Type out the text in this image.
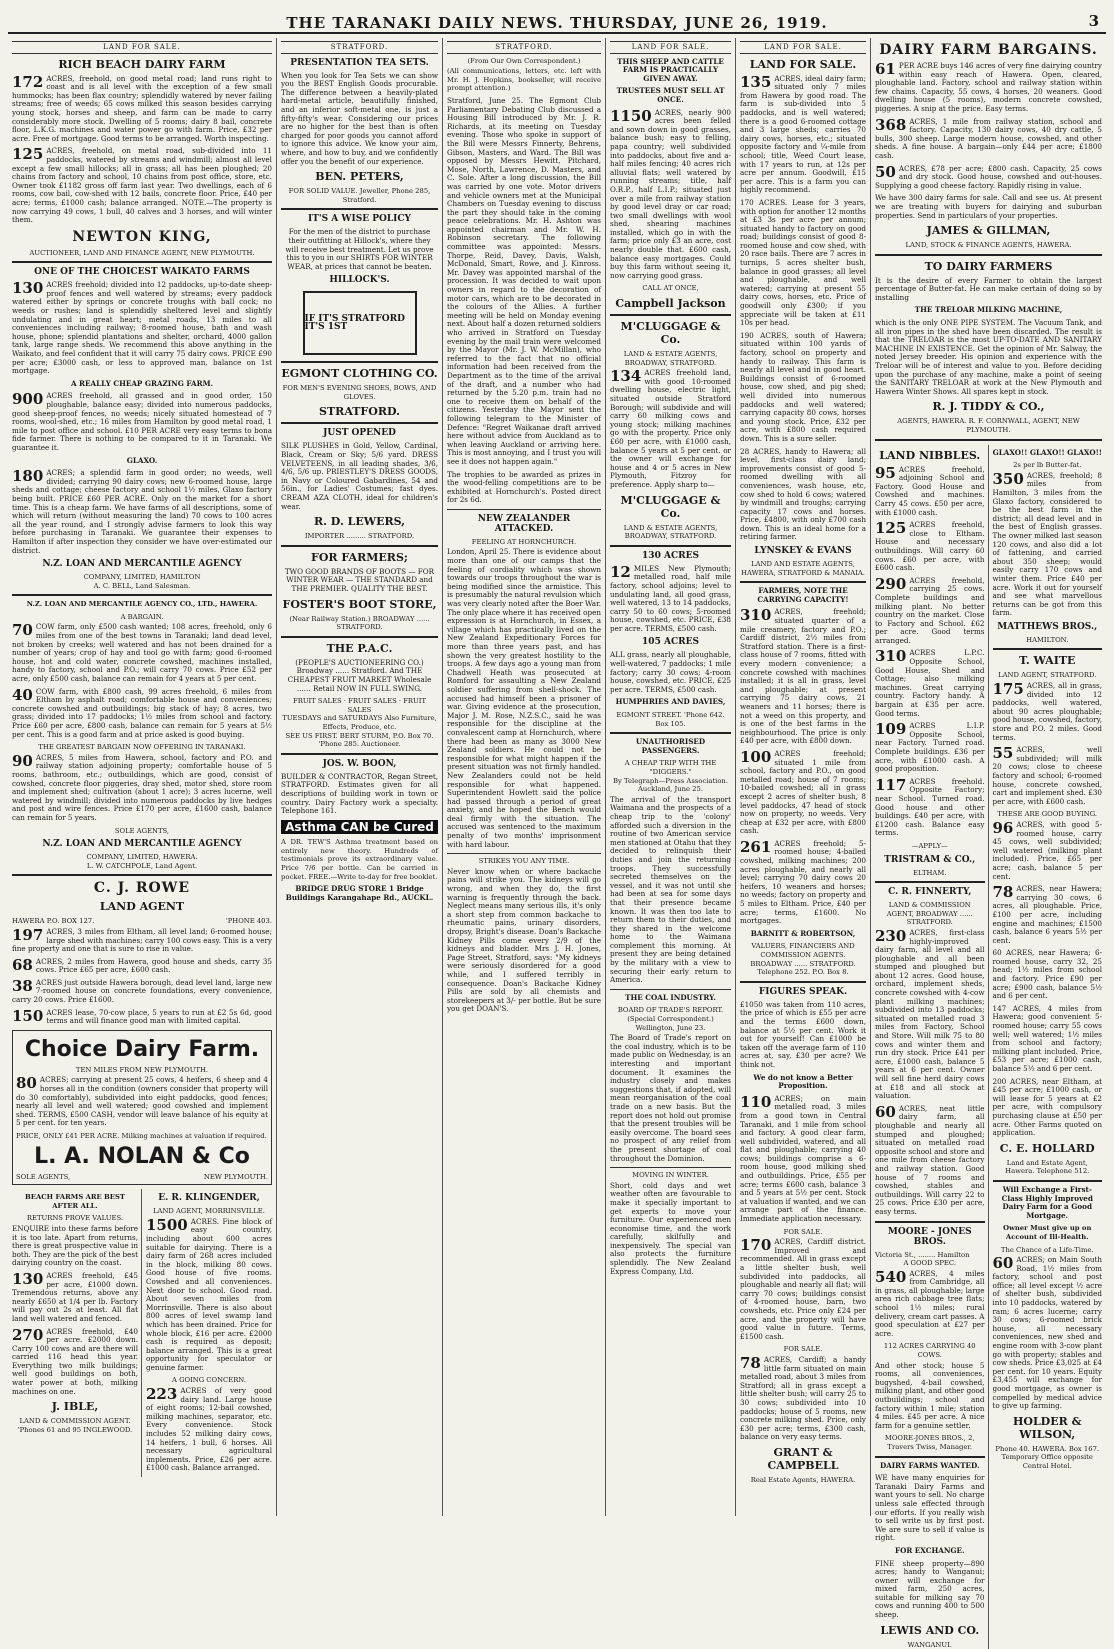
THE TARANAKI DAILY NEWS. THURSDAY, JUNE 26, 1919.	3
LAND FOR SALE.
RICH BEACH DAIRY FARM
172 ACRES, freehold, on good metal road; land runs right to coast and is all level with the exception of a few small hummocks; has been flax country; splendidly watered by never failing streams; free of weeds; 65 cows milked this season besides carrying young stock, horses and sheep, and farm can be made to carry considerably more stock. Dwelling of 5 rooms; dairy 8 bail, concrete floor, L.K.G. machines and water power go with farm. Price, £32 per acre. Free of mortgage. Good terms to be arranged. Worth inspecting.
125 ACRES, freehold, on metal road, sub-divided into 11 paddocks, watered by streams and windmill; almost all level except a few small hillocks; all in grass; all has been ploughed; 20 chains from factory and school, 10 chains from post office, store, etc. Owner took £1182 gross off farm last year. Two dwellings, each of 6 rooms, cow bail, cow-shed with 12 bails, concrete floor. Price, £40 per acre; terms, £1000 cash; balance arranged. NOTE.—The property is now carrying 49 cows, 1 bull, 40 calves and 3 horses, and will winter them.
NEWTON KING,
AUCTIONEER, LAND AND FINANCE AGENT, NEW PLYMOUTH.
ONE OF THE CHOICEST WAIKATO FARMS
130 ACRES freehold; divided into 12 paddocks, up-to-date sheep-proof fences and well watered by streams; every paddock watered either by springs or concrete troughs with ball cock; no weeds or rushes; land is splendidly sheltered level and slightly undulating and in great heart; metal roads, 13 miles to all conveniences including railway; 8-roomed house, bath and wash house, phone; splendid plantations and shelter, orchard, 4000 gallon tank, large range sheds. We recommend this above anything in the Waikato, and feel confident that it will carry 75 dairy cows. PRICE £90 per acre; £3000 cash, or less to approved man, balance on 1st mortgage.
A REALLY CHEAP GRAZING FARM.
900 ACRES freehold, all grassed and in good order, 150 ploughable, balance easy; divided into numerous paddocks, good sheep-proof fences, no weeds; nicely situated homestead of 7 rooms, wool-shed, etc.; 16 miles from Hamilton by good metal road, 1 mile to post office and school. £10 PER ACRE very easy terms to bona fide farmer. There is nothing to be compared to it in Taranaki. We guarantee it.
GLAXO.
180 ACRES; a splendid farm in good order; no weeds, well divided; carrying 90 dairy cows; new 6-roomed house, large sheds and cottage; cheese factory and school 1½ miles, Glaxo factory being built. PRICE £60 PER ACRE. Only on the market for a short time. This is a cheap farm. We have farms of all descriptions, some of which will return (without measuring the land) 70 cows to 100 acres all the year round, and I strongly advise farmers to look this way before purchasing in Taranaki. We guarantee their expenses to Hamilton if after inspection they consider we have over-estimated our district.
N.Z. LOAN AND MERCANTILE AGENCY
COMPANY, LIMITED, HAMILTON
A. C. BELL, Land Salesman.
N.Z. LOAN AND MERCANTILE AGENCY CO., LTD., HAWERA.
A BARGAIN.
70 COW farm, only £500 cash wanted; 108 acres, freehold, only 6 miles from one of the best towns in Taranaki; land dead level, not broken by creeks; well watered and has not been drained for a number of years; crop of hay and tool go with farm; good 6-roomed house, hot and cold water, concrete cowshed, machines installed, handy to factory, school and P.O.; will carry 70 cows. Price £52 per acre, only £500 cash, balance can remain for 4 years at 5 per cent.
40 COW farm, with £800 cash, 99 acres freehold, 6 miles from Eltham by asphalt road; comfortable house and conveniences; concrete cowshed and outbuildings; big stack of hay; 8 acres, two grass; divided into 17 paddocks; 1½ miles from school and factory. Price £60 per acre, £800 cash, balance can remain for 5 years at 5½ per cent. This is a good farm and at price asked is good buying.
THE GREATEST BARGAIN NOW OFFERING IN TARANAKI.
90 ACRES, 5 miles from Hawera, school, factory and P.O. and railway station adjoining property; comfortable house of 5 rooms, bathroom, etc.; outbuildings, which are good, consist of cowshed, concrete floor piggeries, dray shed, motor shed, store room and implement shed; cultivation (about 1 acre); 3 acres lucerne, well watered by windmill; divided into numerous paddocks by live hedges and post and wire fences. Price £170 per acre, £1600 cash, balance can remain for 5 years.
SOLE AGENTS,
N.Z. LOAN AND MERCANTILE AGENCY
COMPANY, LIMITED, HAWERA.
L. W. CATCHPOLE, Land Agent.
C. J. ROWE
LAND AGENT
HAWERA P.O. BOX 127.	'PHONE 403.
197 ACRES, 3 miles from Eltham, all level land; 6-roomed house; large shed with machines; carry 100 cows easy. This is a very fine property and one that is sure to rise in value.
68 ACRES, 2 miles from Hawera, good house and sheds, carry 35 cows. Price £65 per acre, £600 cash.
38 ACRES just outside Hawera borough, dead level land, large new 7-roomed house on concrete foundations, every convenience, carry 20 cows. Price £1600.
150 ACRES lease, 70-cow place, 5 years to run at £2 5s 6d, good terms and will finance good man with limited capital.
Choice Dairy Farm.
TEN MILES FROM NEW PLYMOUTH.
80 ACRES; carrying at present 25 cows, 4 heifers, 6 sheep and 4 horses all in the condition (owners consider that property will do 30 comfortably), subdivided into eight paddocks, good fences; nearly all level and well watered; good cowshed and implement shed. TERMS, £500 CASH, vendor will leave balance of his equity at 5 per cent. for ten years.
PRICE, ONLY £41 PER ACRE. Milking machines at valuation if required.
L. A. NOLAN & Co
SOLE AGENTS,	NEW PLYMOUTH.
BEACH FARMS ARE BEST AFTER ALL.
RETURNS PROVE VALUES.
ENQUIRE into these farms before it is too late. Apart from returns, there is great prospective value in both. They are the pick of the best dairying country on the coast.
130 ACRES freehold, £45 per acre, £1000 down. Tremendous returns, above any nearly £650 at 1/4 per lb. Factory will pay out 2s at least. All flat land well watered and fenced.
270 ACRES freehold, £40 per acre. £2000 down. Carry 100 cows and are there will carried 116 head this year. Everything two milk buildings; well good buildings on both, water power at both, milking machines on one.
J. IBLE,
LAND & COMMISSION AGENT. 'Phones 61 and 95 INGLEWOOD.
E. R. KLINGENDER,
LAND AGENT, MORRINSVILLE.
1500 ACRES. Fine block of easy country, including about 600 acres suitable for dairying. There is a dairy farm of 268 acres included in the block, milking 80 cows. Good house of five rooms. Cowshed and all conveniences. Next door to school. Good road. About seven miles from Morrinsville. There is also about 800 acres of level swamp land which has been drained. Price for whole block, £16 per acre. £2000 cash is required as deposit; balance arranged. This is a great opportunity for speculator or genuine farmer.
A GOING CONCERN.
223 ACRES of very good dairy land. Large house of eight rooms; 12-bail cowshed, milking machines, separator, etc. Every convenience. Stock includes 52 milking dairy cows, 14 heifers, 1 bull, 6 horses. All necessary agricultural implements. Price, £26 per acre. £1000 cash. Balance arranged.
STRATFORD.
PRESENTATION TEA SETS.
When you look for Tea Sets we can show you the BEST English Goods procurable. The difference between a heavily-plated hard-metal article, beautifully finished, and an inferior soft-metal one, is just a fifty-fifty's wear. Considering our prices are no higher for the best than is often charged for poor goods you cannot afford to ignore this advice. We know your aim, where, and how to buy, and we confidently offer you the benefit of our experience.
BEN. PETERS,
FOR SOLID VALUE. Jeweller, Phone 285, Stratford.
IT'S A WISE POLICY
For the men of the district to purchase their outfitting at Hillock's, where they will receive best treatment. Let us prove this to you in our SHIRTS FOR WINTER WEAR, at prices that cannot be beaten.
HILLOCK'S.
IF IT'S STRATFORD IT'S 1ST
EGMONT CLOTHING CO.
FOR MEN'S EVENING SHOES, BOWS, AND GLOVES.
STRATFORD.
JUST OPENED
SILK PLUSHES in Gold, Yellow, Cardinal, Black, Cream or Sky; 5/6 yard. DRESS VELVETEENS, in all leading shades, 3/6, 4/6, 5/6 up. PRIESTLEY'S DRESS GOODS, in Navy or Coloured Gabardines, 54 and 56in., for Ladies' Costumes; fast dyes. CREAM AZA CLOTH, ideal for children's wear.
R. D. LEWERS,
IMPORTER ......... STRATFORD.
FOR FARMERS;
TWO GOOD BRANDS OF BOOTS — FOR WINTER WEAR — THE STANDARD and THE PREMIER. QUALITY THE BEST.
FOSTER'S BOOT STORE,
(Near Railway Station.) BROADWAY ...... STRATFORD.
THE P.A.C.
(PEOPLE'S AUCTIONEERING CO.) Broadway ...... Stratford. And THE CHEAPEST FRUIT MARKET Wholesale ...... Retail NOW IN FULL SWING.
FRUIT SALES · FRUIT SALES · FRUIT SALES
TUESDAYS and SATURDAYS Also Furniture, Effects, Produce, etc.
SEE US FIRST. BERT STURM, P.O. Box 70. 'Phone 285. Auctioneer.
JOS. W. BOON,
BUILDER & CONTRACTOR, Regan Street, STRATFORD. Estimates given for all descriptions of building work in town or country. Dairy Factory work a specialty. Telephone 161.
Asthma CAN be Cured
A DR. TEW'S Asthma treatment based on entirely new theory. Hundreds of testimonials prove its extraordinary value. Price 7/6 per bottle. Can be carried in pocket. FREE.—Write to-day for free booklet.
BRIDGE DRUG STORE 1 Bridge Buildings Karangahape Rd., AUCKL.
STRATFORD.
(From Our Own Correspondent.)
(All communications, letters, etc. left with Mr. H. J. Hopkins, bookseller, will receive prompt attention.)
Stratford, June 25. The Egmont Club Parliamentary Debating Club discussed a Housing Bill introduced by Mr. J. R. Richards, at its meeting on Tuesday evening. Those who spoke in support of the Bill were Messrs Finnerty, Behrens, Gibson, Masters, and Ward. The Bill was opposed by Messrs Hewitt, Pitchard, Mose, North, Lawrence, D. Masters, and C. Sole. After a long discussion, the Bill was carried by one vote. Motor drivers and vehicle owners met at the Municipal Chambers on Tuesday evening to discuss the part they should take in the coming peace celebrations. Mr. H. Ashton was appointed chairman and Mr. W. H. Robinson secretary. The following committee was appointed: Messrs. Thorpe, Reid, Davey, Davis, Walsh, McDonald, Smart, Rowe, and J. Kinross. Mr. Davey was appointed marshal of the procession. It was decided to wait upon owners in regard to the decoration of motor cars, which are to be decorated in the colours of the Allies. A further meeting will be held on Monday evening next. About half a dozen returned soldiers who arrived in Stratford on Tuesday evening by the mail train were welcomed by the Mayor (Mr. J. W. McMillan), who referred to the fact that no official information had been received from the Department as to the time of the arrival of the draft, and a number who had returned by the 5.20 p.m. train had no one to receive them on behalf of the citizens. Yesterday the Mayor sent the following telegram to the Minister of Defence: "Regret Waikanae draft arrived here without advice from Auckland as to when leaving Auckland or arriving here. This is most annoying, and I trust you will see it does not happen again."
The trophies to be awarded as prizes in the wood-felling competitions are to be exhibited at Hornchurch's. Posted direct for 2s 6d.
NEW ZEALANDER ATTACKED.
FEELING AT HORNCHURCH.
London, April 25. There is evidence about more than one of our camps that the feeling of cordiality which was shown towards our troops throughout the war is being modified since the armistice. This is presumably the natural revulsion which was very clearly noted after the Boer War. The only place where it has received open expression is at Hornchurch, in Essex, a village which has practically lived on the New Zealand Expeditionary Forces for more than three years past, and has shown the very greatest hostility to the troops. A few days ago a young man from Chadwell Heath was prosecuted at Romford for assaulting a New Zealand soldier suffering from shell-shock. The accused had himself been a prisoner of war. Giving evidence at the prosecution, Major J. M. Rose, N.Z.S.C., said he was responsible for the discipline at the convalescent camp at Hornchurch, where there had been as many as 3000 New Zealand soldiers. He could not be responsible for what might happen if the present situation was not firmly handled. New Zealanders could not be held responsible for what happened. Superintendent Howlett said the police had passed through a period of great anxiety, and he hoped the Bench would deal firmly with the situation. The accused was sentenced to the maximum penalty of two months' imprisonment with hard labour.
STRIKES YOU ANY TIME.
Never know when or where backache pains will strike you. The kidneys will go wrong, and when they do, the first warning is frequently through the back. Neglect means many serious ills, it's only a short step from common backache to rheumatic pains, urinary disorders, dropsy, Bright's disease. Doan's Backache Kidney Pills come every 2/9 of the kidneys and bladder. Mrs J. H. Jones, Page Street, Stratford, says: "My kidneys were seriously disordered for a good while, and I suffered terribly in consequence. Doan's Backache Kidney Pills are sold by all chemists and storekeepers at 3/- per bottle. But be sure you get DOAN'S.
LAND FOR SALE.
THIS SHEEP AND CATTLE FARM IS PRACTICALLY GIVEN AWAY.
TRUSTEES MUST SELL AT ONCE.
1150 ACRES, nearly 900 acres been felled and sown down in good grasses, balance bush; easy to felling, papa country; well subdivided into paddocks, about five and a-half miles fencing; 40 acres rich alluvial flats; well watered by running streams; title, half O.R.P., half L.I.P.; situated just over a mile from railway station by good level dray or car road; two small dwellings with wool shed, shearing machines installed, which go in with the farm; price only £3 an acre, cost nearly double that. £600 cash, balance easy mortgages. Could buy this farm without seeing it, now carrying good grass.
CALL AT ONCE,
Campbell Jackson
M'CLUGGAGE & Co.
LAND & ESTATE AGENTS, BROADWAY, STRATFORD.
134 ACRES freehold land, with good 10-roomed dwelling house, electric light, situated outside Stratford Borough; will subdivide and will carry 60 milking cows and young stock; milking machines go with the property. Price only £60 per acre, with £1000 cash, balance 5 years at 5 per cent. or the owner will exchange for house and 4 or 5 acres in New Plymouth, Fitzroy for preference. Apply sharp to—
M'CLUGGAGE & Co.
LAND & ESTATE AGENTS, BROADWAY, STRATFORD.
130 ACRES
12 MILES New Plymouth; metalled road, half mile factory, school adjoins; level to undulating land, all good grass, well watered, 13 to 14 paddocks, carry 50 to 60 cows; 5-roomed house, cowshed, etc. PRICE, £38 per acre. TERMS, £500 cash.
105 ACRES
ALL grass, nearly all ploughable, well-watered, 7 paddocks; 1 mile factory; carry 30 cows; 4-room house, cowshed, etc. PRICE, £25 per acre. TERMS, £500 cash.
HUMPHRIES AND DAVIES,
EGMONT STREET. 'Phone 642. Box 105.
UNAUTHORISED PASSENGERS.
A CHEAP TRIP WITH THE "DIGGERS."
By Telegraph—Press Association. Auckland, June 25.
The arrival of the transport Waimana and the prospects of a cheap trip to the 'colony' afforded such a diversion in the routine of two American service men stationed at Otahu that they decided to relinquish their duties and join the returning troops. They successfully secreted themselves on the vessel, and it was not until she had been at sea for some days that their presence became known. It was then too late to return them to their duties, and they shared in the welcome home to the Waimana complement this morning. At present they are being detained by the military with a view to securing their early return to America.
THE COAL INDUSTRY.
BOARD OF TRADE'S REPORT. (Special Correspondent.) Wellington, June 23.
The Board of Trade's report on the coal industry, which is to be made public on Wednesday, is an interesting and important document. It examines the industry closely and makes suggestions that, if adopted, will mean reorganisation of the coal trade on a new basis. But the report does not hold out promise that the present troubles will be easily overcome. The board sees no prospect of any relief from the present shortage of coal throughout the Dominion.
MOVING IN WINTER.
Short, cold days and wet weather often are favourable to make it specially important to get experts to move your furniture. Our experienced men economise time, and the work carefully, skilfully and inexpensively. The special van also protects the furniture splendidly. The New Zealand Express Company, Ltd.
LAND FOR SALE.
LAND FOR SALE.
135 ACRES, ideal dairy farm; situated only 7 miles from Hawera by good road. The farm is sub-divided into 5 paddocks, and is well watered; there is a good 6-roomed cottage and 3 large sheds; carries 70 dairy cows, horses, etc.; situated opposite factory and ¼-mile from school; title, Weed Court lease, with 17 years to run, at 12s per acre per annum. Goodwill, £15 per acre. This is a farm you can highly recommend.
170 ACRES. Lease for 3 years, with option for another 12 months at £3 3s per acre per annum; situated handy to factory on good road; buildings consist of good 8-roomed house and cow shed, with 20 race bails. There are 7 acres in turnips, 5 acres shelter bush, balance in good grasses; all level and ploughable, and well watered; carrying at present 55 dairy cows, horses, etc. Price of goodwill only £300; if you appreciate will be taken at £11 10s per head.
190 ACRES, south of Hawera; situated within 100 yards of factory, school on property and handy to railway. This farm is nearly all level and in good heart. Buildings consist of 6-roomed house, cow shed, and pig shed; well divided into numerous paddocks and well watered; carrying capacity 80 cows, horses and young stock. Price, £32 per acre, with £800 cash required down. This is a sure seller.
28 ACRES, handy to Hawera; all level, first-class dairy land; improvements consist of good 5-roomed dwelling with all conveniences, wash house, etc, cow shed to hold 6 cows; watered by windmill and troughs; carrying capacity 17 cows and horses. Price, £4800, with only £700 cash down. This is an ideal home for a retiring farmer.
LYNSKEY & EVANS
LAND AND ESTATE AGENTS, HAWERA, STRATFORD & MANAIA.
FARMERS, NOTE THE CARRYING CAPACITY!
310 ACRES, freehold; situated quarter of a mile creamery, factory and P.O.; Cardiff district, 2½ miles from Stratford station. There is a first-class house of 7 rooms, fitted with every modern convenience; a concrete cowshed with machines installed; it is all in grass, level and ploughable; at present carrying 75 dairy cows, 21 weaners and 11 horses; there is not a weed on this property, and is one of the best farms in the neighbourhood. The price is only £40 per acre, with £800 down.
100 ACRES freehold; situated 1 mile from school, factory and P.O., on good metalled road; house of 7 rooms; 10-bailed cowshed; all in grass except 2 acres of shelter bush, 8 level paddocks, 47 head of stock now on property, no weeds. Very cheap at £32 per acre, with £800 cash.
261 ACRES freehold; 5-roomed house; 4-bailed cowshed, milking machines; 200 acres ploughable, and nearly all level; carrying 70 dairy cows 20 heifers, 10 weaners and horses; no weeds; factory on property and 5 miles to Eltham. Price, £40 per acre; terms, £1600. No mortgages.
BARNITT & ROBERTSON,
VALUERS, FINANCIERS AND COMMISSION AGENTS. BROADWAY ...... STRATFORD. Telephone 252. P.O. Box 8.
FIGURES SPEAK.
£1050 was taken from 110 acres, the price of which is £55 per acre and the terms £600 down, balance at 5½ per cent. Work it out for yourself! Can £1000 be taken off the average farm of 110 acres at, say, £30 per acre? We think not.
We do not know a Better Proposition.
110 ACRES; on main metalled road, 3 miles from a good town in Central Taranaki, and 1 mile from school and factory. A good clear farm, well subdivided, watered, and all flat and ploughable; carrying 40 cows; buildings comprise a 6-room house, good milking shed and outbuildings. Price, £55 per acre; terms £600 cash, balance 3 and 5 years at 5½ per cent. Stock at valuation if wanted, and we can arrange part of the finance. Immediate application necessary.
FOR SALE.
170 ACRES, Cardiff district. Improved and recommended. All in grass except a little shelter bush, well subdivided into paddocks, all ploughable and nearly all flat; will carry 70 cows; buildings consist of 4-roomed house, barn, two cowsheds, etc. Price only £24 per acre, and the property will have good value in future. Terms, £1500 cash.
FOR SALE.
78 ACRES, Cardiff; a handy little farm situated on main metalled road, about 3 miles from Stratford; all in grass except a little shelter bush; will carry 25 to 30 cows; subdivided into 10 paddocks; house of 5 rooms, new concrete milking shed. Price, only £30 per acre; terms, £300 cash, balance on very easy terms.
GRANT & CAMPBELL
Real Estate Agents, HAWERA.
DAIRY FARM BARGAINS.
61 PER ACRE buys 146 acres of very fine dairying country within easy reach of Hawera. Open, cleared, ploughable land. Factory, school and railway station within few chains. Capacity, 55 cows, 4 horses, 20 weaners. Good dwelling house (5 rooms), modern concrete cowshed, piggeries. A snip at the price. Easy terms.
368 ACRES, 1 mile from railway station, school and factory. Capacity, 130 dairy cows, 40 dry cattle, 5 bulls, 300 sheep. Large modern house, cowshed, and other sheds. A fine house. A bargain—only £44 per acre; £1800 cash.
50 ACRES, £78 per acre; £800 cash. Capacity, 25 cows and dry stock. Good house, cowshed and out-houses. Supplying a good cheese factory. Rapidly rising in value.
We have 300 dairy farms for sale. Call and see us. At present we are treating with buyers for dairying and suburban properties. Send in particulars of your properties.
JAMES & GILLMAN,
LAND, STOCK & FINANCE AGENTS, HAWERA.
TO DAIRY FARMERS
It is the desire of every Farmer to obtain the largest percentage of Butter-fat. He can make certain of doing so by installing
THE TRELOAR MILKING MACHINE,
which is the only ONE PIPE SYSTEM. The Vacuum Tank, and all iron pipes in the shed have been discarded. The result is that the TRELOAR is the most UP-TO-DATE AND SANITARY MACHINE IN EXISTENCE. Get the opinion of Mr. Salway, the noted Jersey breeder. His opinion and experience with the Treloar will be of interest and value to you. Before deciding upon the purchase of any machine, make a point of seeing the SANITARY TRELOAR at work at the New Plymouth and Hawera Winter Shows. All spares kept in stock.
R. J. TIDDY & CO.,
AGENTS, HAWERA. R. F. CORNWALL, AGENT, NEW PLYMOUTH.
LAND NIBBLES.
95 ACRES freehold, adjoining School and Factory. Good House and Cowshed and machines. Carry 45 cows. £50 per acre, with £1000 cash.
125 ACRES freehold, close to Eltham. House and necessary outbuildings. Will carry 60 cows. £60 per acre, with £600 cash.
290 ACRES freehold, carrying 25 cows. Complete buildings and milking plant. No better country on the market. Close to Factory and School. £62 per acre. Good terms arranged.
310 ACRES L.P.C. Opposite School, Good House, Shed and Cottage; also milking machines. Great carrying country. Factory handy. A bargain at £35 per acre. Good terms.
109 ACRES L.I.P. Opposite School, near Factory. Turned road. Complete buildings. £36 per acre, with £1000 cash. A good proposition.
117 ACRES freehold. Opposite Factory; near School. Turned road. Good house and other buildings. £40 per acre, with £1200 cash. Balance easy terms.
—APPLY—
TRISTRAM & CO.,
ELTHAM.
C. R. FINNERTY,
LAND & COMMISSION AGENT, BROADWAY ...... STRATFORD.
230 ACRES, first-class highly-improved dairy farm, all level and all ploughable and all been stumped and ploughed but about 12 acres. Good house, orchard, implement sheds, concrete cowshed with 4-cow plant milking machines; subdivided into 13 paddocks; situated on metalled road 3 miles from Factory, School and Store. Will milk 75 to 80 cows and winter them and run dry stock. Price £41 per acre, £1000 cash, balance 5 years at 6 per cent. Owner will sell fine herd dairy cows at £18 and all stock at valuation.
60 ACRES, neat little dairy farm, all ploughable and nearly all stumped and ploughed; situated on metalled road opposite school and store and one mile from cheese factory and railway station. Good house of 7 rooms and cowshed, stables and outbuildings. Will carry 22 to 25 cows. Price £30 per acre, easy terms.
MOORE - JONES BROS.
Victoria St., ........ Hamilton
A GOOD SPEC.
540 ACRES, 4 miles from Cambridge, all in grass, all ploughable; large area rich cabbage tree flats; school 1½ miles; rural delivery, cream cart passes. A good speculation at £27 per acre.
112 ACRES CARRYING 40 COWS.
And other stock; house 5 rooms, all conveniences, bugyshed, 4-bail cowshed, milking plant, and other good outbuildings; school and factory within 1 mile; station 4 miles. £45 per acre. A nice farm for a genuine settler.
MOORE-JONES BROS., 2, Travers Twiss, Manager.
DAIRY FARMS WANTED.
WE have many enquiries for Taranaki Dairy Farms and want yours to sell. No charge unless sale effected through our efforts. If you really wish to sell write us by first post. We are sure to sell if value is right.
FOR EXCHANGE.
FINE sheep property—890 acres; handy to Wanganui; owner will exchange for mixed farm, 250 acres, suitable for milking say 70 cows and running 400 to 500 sheep.
LEWIS AND CO.
WANGANUI.
GLAXO!! GLAXO!! GLAXO!!
2s per lb Butter-fat.
350 ACRES, freehold; 8 miles from Hamilton, 3 miles from the Glaxo factory, considered to be the best farm in the district; all dead level and in the best of English grasses. The owner milked last season 120 cows, and also did a lot of fattening, and carried about 350 sheep; would easily carry 170 cows and winter them. Price £40 per acre. Work it out for yourself and see what marvellous returns can be got from this farm.
MATTHEWS BROS.,
HAMILTON.
T. WAITE
LAND AGENT, STRATFORD.
175 ACRES, all in grass, divided into 12 paddocks, well watered, about 90 acres ploughable; good house, cowshed, factory, store and P.O. 2 miles. Good terms.
55 ACRES, well subdivided; will milk 20 cows; close to cheese factory and school; 6-roomed house, concrete cowshed, cart and implement shed. £30 per acre, with £600 cash.
THESE ARE GOOD BUYING.
96 ACRES, with good 5-roomed house, carry 45 cows, well subdivided; well watered (milking plant included). Price, £65 per acre; cash, balance 5 per cent.
78 ACRES, near Hawera; carrying 30 cows, 6 acres, all ploughable. Price, £100 per acre, including engine and machines; £1500 cash, balance 6 years 5½ per cent.
60 ACRES, near Hawera; 6-roomed house, carry 32, 25 head; 1½ miles from school and factory. Price £90 per acre; £900 cash, balance 5½ and 6 per cent.
147 ACRES, 4 miles from Hawera; good convenient 5-roomed house; carry 55 cows well; well watered; 1½ miles from school and factory; milking plant included. Price, £53 per acre; £1000 cash, balance 5½ and 6 per cent.
200 ACRES, near Eltham, at £45 per acre; £1000 cash, or will lease for 5 years at £2 per acre, with compulsory purchasing clause at £50 per acre. Other Farms quoted on application.
C. E. HOLLARD
Land and Estate Agent, Hawera. Telephone 512.
Will Exchange a First-Class Highly Improved Dairy Farm for a Good Mortgage.
Owner Must give up on Account of Ill-Health.
The Chance of a Life-Time.
60 ACRES; on Main South Road, 1½ miles from factory, school and post office; all level except ½ acre of shelter bush, subdivided into 10 paddocks, watered by ram; 6 acres lucerne; carry 30 cows; 6-roomed brick house, all necessary conveniences, new shed and engine room with 3-cow plant go with property; stables and cow sheds. Price £3,025 at £4 per cent. for 10 years. Equity £3,455 will exchange for good mortgage, as owner is compelled by medical advice to give up farming.
HOLDER & WILSON,
Phone 40. HAWERA. Box 167. Temporary Office opposite Central Hotel.
